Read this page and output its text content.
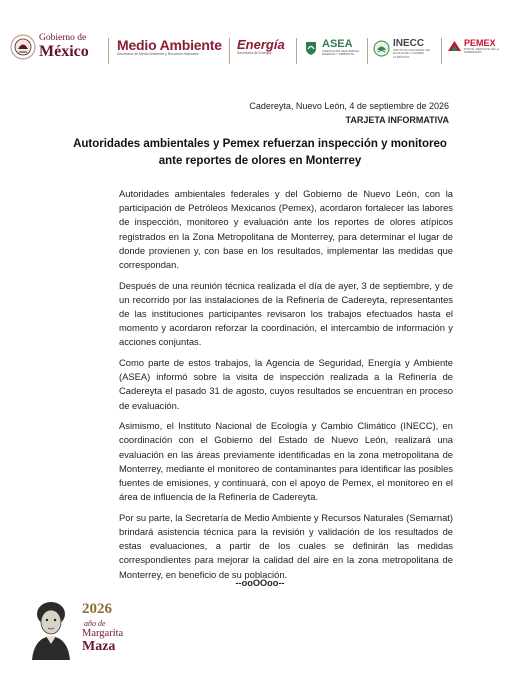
Gobierno de
México Medio Ambiente
Secretaría de Medio Ambiente y Recursos Naturales
Energía
Secretaría de Energía
ASEA
AGENCIA DE SEGURIDAD, ENERGÍA Y AMBIENTE
INECC
INSTITUTO NACIONAL DE ECOLOGÍA Y CAMBIO CLIMÁTICO
PEMEX
POR EL RESCATE DE LA SOBERANÍA
Cadereyta, Nuevo León, 4 de septiembre de 2026
TARJETA INFORMATIVA
Autoridades ambientales y Pemex refuerzan inspección y monitoreo ante reportes de olores en Monterrey

Autoridades ambientales federales y del Gobierno de Nuevo León, con la participación de Petróleos Mexicanos (Pemex), acordaron fortalecer las labores de inspección, monitoreo y evaluación ante los reportes de olores atípicos registrados en la Zona Metropolitana de Monterrey, para determinar el lugar de donde provienen y, con base en los resultados, implementar las medidas que correspondan.

Después de una reunión técnica realizada el día de ayer, 3 de septiembre, y de un recorrido por las instalaciones de la Refinería de Cadereyta, representantes de las instituciones participantes revisaron los trabajos efectuados hasta el momento y acordaron reforzar la coordinación, el intercambio de información y acciones conjuntas.

Como parte de estos trabajos, la Agencia de Seguridad, Energía y Ambiente (ASEA) informó sobre la visita de inspección realizada a la Refinería de Cadereyta el pasado 31 de agosto, cuyos resultados se encuentran en proceso de evaluación.

Asimismo, el Instituto Nacional de Ecología y Cambio Climático (INECC), en coordinación con el Gobierno del Estado de Nuevo León, realizará una evaluación en las áreas previamente identificadas en la zona metropolitana de Monterrey, mediante el monitoreo de contaminantes para identificar las posibles fuentes de emisiones, y continuará, con el apoyo de Pemex, el monitoreo en el área de influencia de la Refinería de Cadereyta.

Por su parte, la Secretaría de Medio Ambiente y Recursos Naturales (Semarnat) brindará asistencia técnica para la revisión y validación de los resultados de estas evaluaciones, a partir de los cuales se definirán las medidas correspondientes para mejorar la calidad del aire en la zona metropolitana de Monterrey, en beneficio de su población.

--ooOOoo--
2026
año de
Margarita
Maza
